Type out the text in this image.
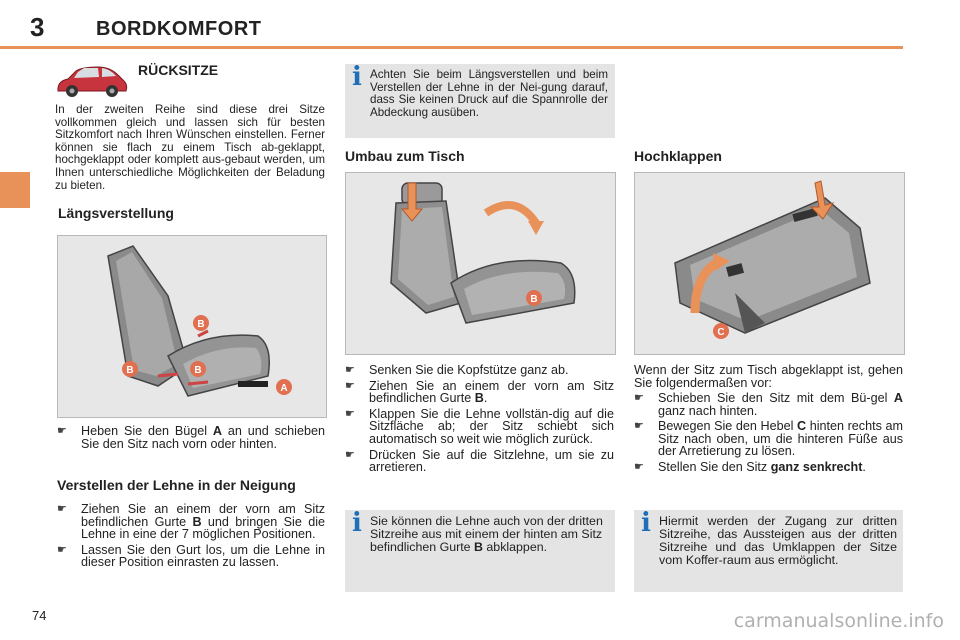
3	BORDKOMFORT
RÜCKSITZE
In der zweiten Reihe sind diese drei Sitze vollkommen gleich und lassen sich für besten Sitzkomfort nach Ihren Wünschen einstellen. Ferner können sie flach zu einem Tisch ab-geklappt, hochgeklappt oder komplett aus-gebaut werden, um Ihnen unterschiedliche Möglichkeiten der Beladung zu bieten.
Längsverstellung
B
B	B
A
☛ Heben Sie den Bügel A an und schieben Sie den Sitz nach vorn oder hinten.
Verstellen der Lehne in der Neigung
☛ Ziehen Sie an einem der vorn am Sitz befindlichen Gurte B und bringen Sie die Lehne in eine der 7 möglichen Positionen.
☛ Lassen Sie den Gurt los, um die Lehne in dieser Position einrasten zu lassen.
74
i Achten Sie beim Längsverstellen und beim Verstellen der Lehne in der Nei-gung darauf, dass Sie keinen Druck auf die Spannrolle der Abdeckung ausüben.
Umbau zum Tisch
B
☛ Senken Sie die Kopfstütze ganz ab.
☛ Ziehen Sie an einem der vorn am Sitz befindlichen Gurte B.
☛ Klappen Sie die Lehne vollstän-dig auf die Sitzfläche ab; der Sitz schiebt sich automatisch so weit wie möglich zurück.
☛ Drücken Sie auf die Sitzlehne, um sie zu arretieren.
i Sie können die Lehne auch von der dritten Sitzreihe aus mit einem der hinten am Sitz befindlichen Gurte B abklappen.
Hochklappen
C
Wenn der Sitz zum Tisch abgeklappt ist, gehen Sie folgendermaßen vor:
☛ Schieben Sie den Sitz mit dem Bü-gel A ganz nach hinten.
☛ Bewegen Sie den Hebel C hinten rechts am Sitz nach oben, um die hinteren Füße aus der Arretierung zu lösen.
☛ Stellen Sie den Sitz ganz senkrecht.
i Hiermit werden der Zugang zur dritten Sitzreihe, das Aussteigen aus der dritten Sitzreihe und das Umklappen der Sitze vom Koffer-raum aus ermöglicht.
carmanualsonline.info
